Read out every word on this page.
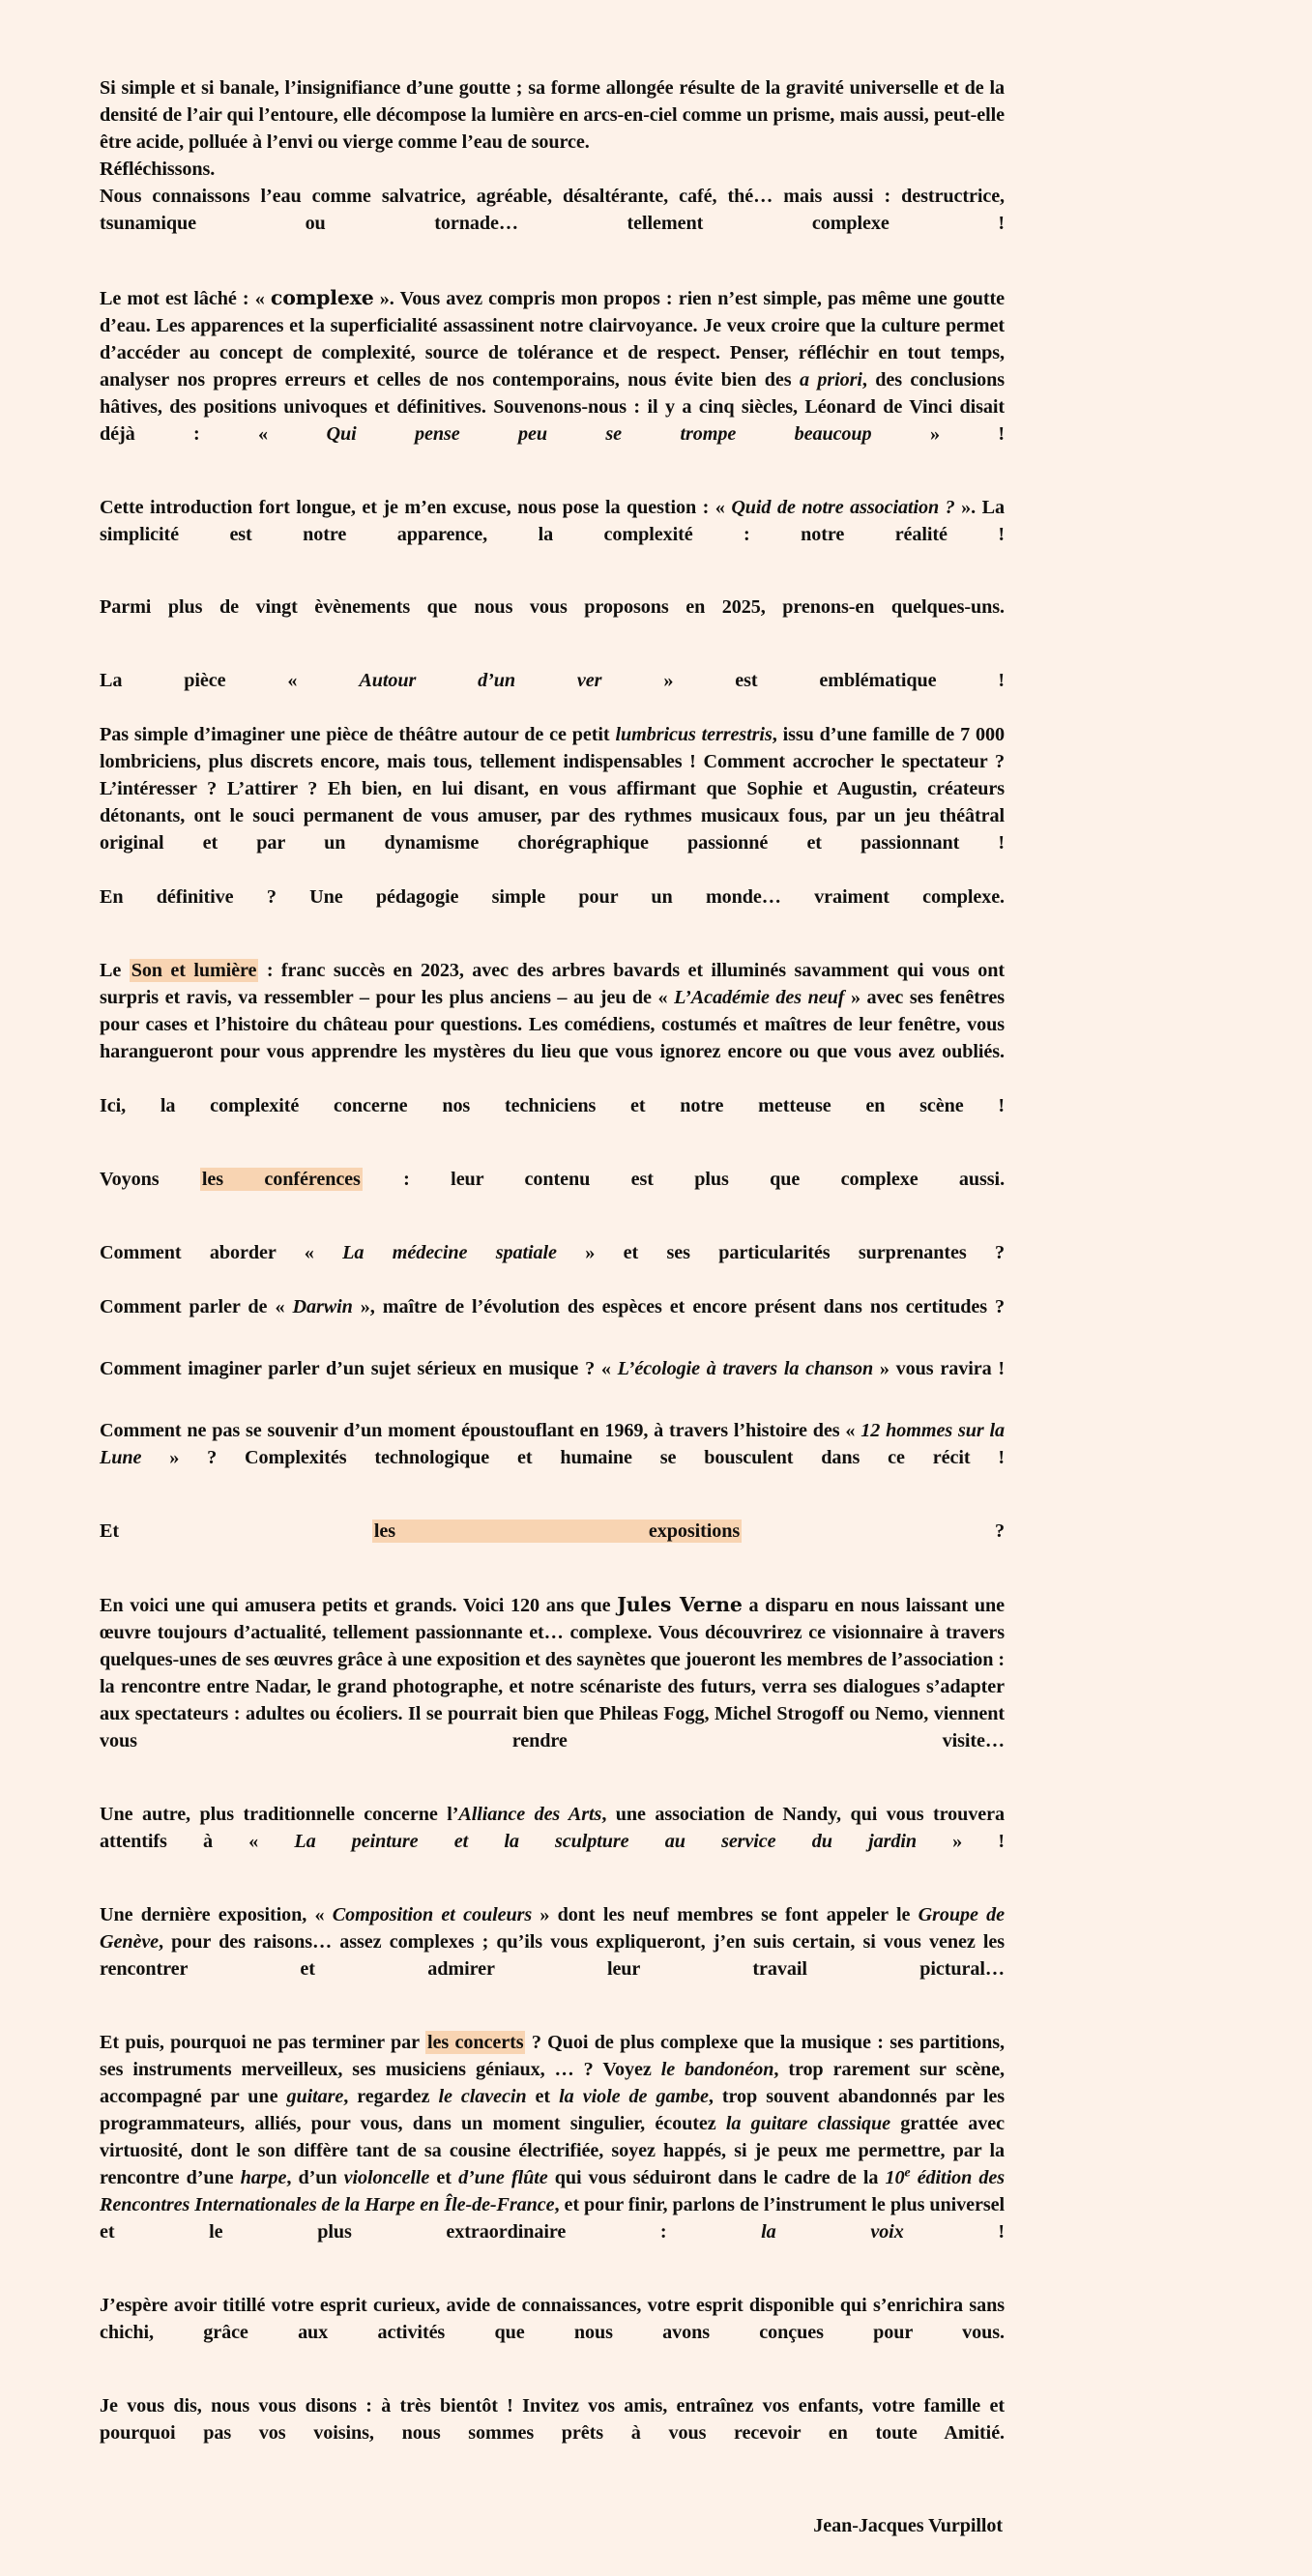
Si simple et si banale, l’insignifiance d’une goutte ; sa forme allongée résulte de la gravité universelle et de la densité de l’air qui l’entoure, elle décompose la lumière en arcs-en-ciel comme un prisme, mais aussi, peut-elle être acide, polluée à l’envi ou vierge comme l’eau de source.
Réfléchissons.
Nous connaissons l’eau comme salvatrice, agréable, désaltérante, café, thé… mais aussi : destructrice, tsunamique ou tornade… tellement complexe !

Le mot est lâché : « complexe ». Vous avez compris mon propos : rien n’est simple, pas même une goutte d’eau. Les apparences et la superficialité assassinent notre clairvoyance. Je veux croire que la culture permet d’accéder au concept de complexité, source de tolérance et de respect. Penser, réfléchir en tout temps, analyser nos propres erreurs et celles de nos contemporains, nous évite bien des a priori, des conclusions hâtives, des positions univoques et définitives. Souvenons-nous : il y a cinq siècles, Léonard de Vinci disait déjà : « Qui pense peu se trompe beaucoup » !

Cette introduction fort longue, et je m’en excuse, nous pose la question : « Quid de notre association ? ». La simplicité est notre apparence, la complexité : notre réalité !

Parmi plus de vingt èvènements que nous vous proposons en 2025, prenons-en quelques-uns.

La pièce « Autour d’un ver » est emblématique !

Pas simple d’imaginer une pièce de théâtre autour de ce petit lumbricus terrestris, issu d’une famille de 7 000 lombriciens, plus discrets encore, mais tous, tellement indispensables ! Comment accrocher le spectateur ? L’intéresser ? L’attirer ? Eh bien, en lui disant, en vous affirmant que Sophie et Augustin, créateurs détonants, ont le souci permanent de vous amuser, par des rythmes musicaux fous, par un jeu théâtral original et par un dynamisme chorégraphique passionné et passionnant !

En définitive ? Une pédagogie simple pour un monde… vraiment complexe.

Le Son et lumière : franc succès en 2023, avec des arbres bavards et illuminés savamment qui vous ont surpris et ravis, va ressembler – pour les plus anciens – au jeu de « L’Académie des neuf » avec ses fenêtres pour cases et l’histoire du château pour questions. Les comédiens, costumés et maîtres de leur fenêtre, vous harangueront pour vous apprendre les mystères du lieu que vous ignorez encore ou que vous avez oubliés.

Ici, la complexité concerne nos techniciens et notre metteuse en scène !

Voyons les conférences : leur contenu est plus que complexe aussi.

Comment aborder « La médecine spatiale » et ses particularités surprenantes ?

Comment parler de « Darwin », maître de l’évolution des espèces et encore présent dans nos certitudes ?

Comment imaginer parler d’un sujet sérieux en musique ? « L’écologie à travers la chanson » vous ravira !

Comment ne pas se souvenir d’un moment époustouflant en 1969, à travers l’histoire des « 12 hommes sur la Lune » ? Complexités technologique et humaine se bousculent dans ce récit !

Et les expositions ?

En voici une qui amusera petits et grands. Voici 120 ans que Jules Verne a disparu en nous laissant une œuvre toujours d’actualité, tellement passionnante et… complexe. Vous découvrirez ce visionnaire à travers quelques-unes de ses œuvres grâce à une exposition et des saynètes que joueront les membres de l’association : la rencontre entre Nadar, le grand photographe, et notre scénariste des futurs, verra ses dialogues s’adapter aux spectateurs : adultes ou écoliers. Il se pourrait bien que Phileas Fogg, Michel Strogoff ou Nemo, viennent vous rendre visite…

Une autre, plus traditionnelle concerne l’Alliance des Arts, une association de Nandy, qui vous trouvera attentifs à « La peinture et la sculpture au service du jardin » !

Une dernière exposition, « Composition et couleurs » dont les neuf membres se font appeler le Groupe de Genève, pour des raisons… assez complexes ; qu’ils vous expliqueront, j’en suis certain, si vous venez les rencontrer et admirer leur travail pictural…

Et puis, pourquoi ne pas terminer par les concerts ? Quoi de plus complexe que la musique : ses partitions, ses instruments merveilleux, ses musiciens géniaux, … ? Voyez le bandonéon, trop rarement sur scène, accompagné par une guitare, regardez le clavecin et la viole de gambe, trop souvent abandonnés par les programmateurs, alliés, pour vous, dans un moment singulier, écoutez la guitare classique grattée avec virtuosité, dont le son diffère tant de sa cousine électrifiée, soyez happés, si je peux me permettre, par la rencontre d’une harpe, d’un violoncelle et d’une flûte qui vous séduiront dans le cadre de la 10e édition des Rencontres Internationales de la Harpe en Île-de-France, et pour finir, parlons de l’instrument le plus universel et le plus extraordinaire : la voix !

J’espère avoir titillé votre esprit curieux, avide de connaissances, votre esprit disponible qui s’enrichira sans chichi, grâce aux activités que nous avons conçues pour vous.

Je vous dis, nous vous disons : à très bientôt ! Invitez vos amis, entraînez vos enfants, votre famille et pourquoi pas vos voisins, nous sommes prêts à vous recevoir en toute Amitié.

Jean-Jacques Vurpillot
